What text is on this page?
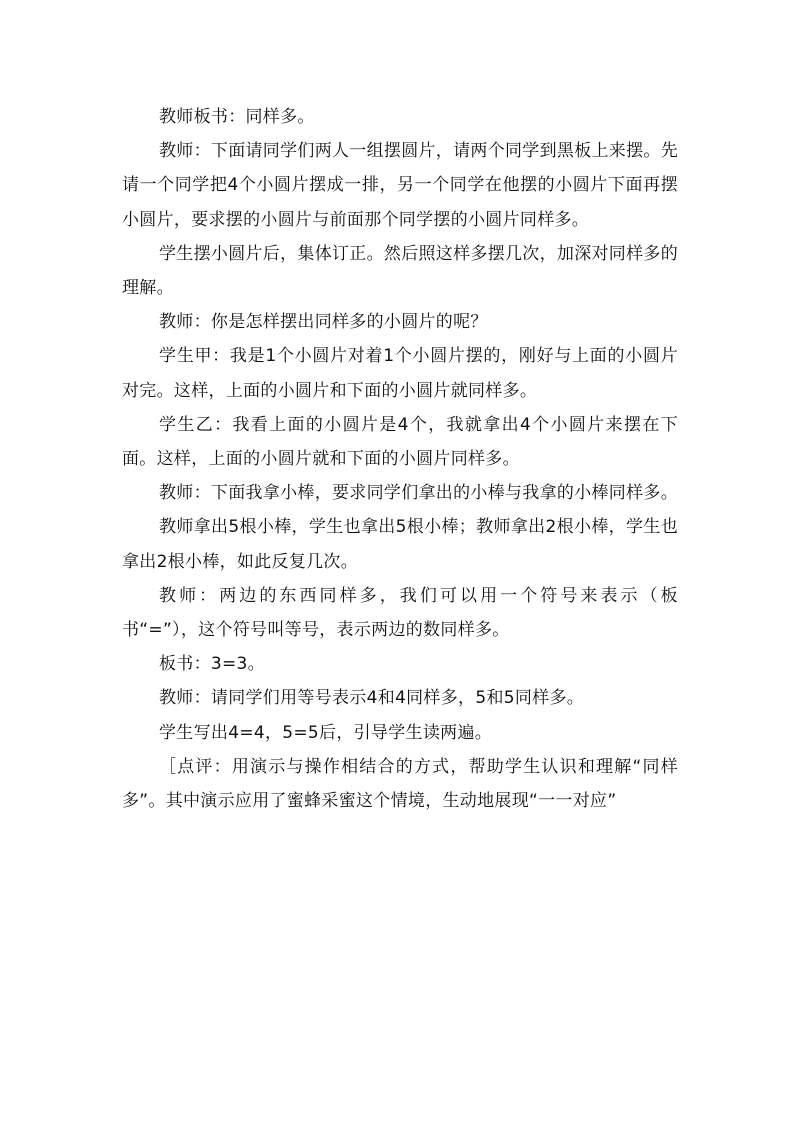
教师板书：同样多。

教师：下面请同学们两人一组摆圆片，请两个同学到黑板上来摆。先请一个同学把4个小圆片摆成一排，另一个同学在他摆的小圆片下面再摆小圆片，要求摆的小圆片与前面那个同学摆的小圆片同样多。

学生摆小圆片后，集体订正。然后照这样多摆几次，加深对同样多的理解。

教师：你是怎样摆出同样多的小圆片的呢？

学生甲：我是1个小圆片对着1个小圆片摆的，刚好与上面的小圆片对完。这样，上面的小圆片和下面的小圆片就同样多。

学生乙：我看上面的小圆片是4个，我就拿出4个小圆片来摆在下面。这样，上面的小圆片就和下面的小圆片同样多。

教师：下面我拿小棒，要求同学们拿出的小棒与我拿的小棒同样多。

教师拿出5根小棒，学生也拿出5根小棒；教师拿出2根小棒，学生也拿出2根小棒，如此反复几次。

教师：两边的东西同样多，我们可以用一个符号来表示（板书“=”），这个符号叫等号，表示两边的数同样多。

板书：3=3。

教师：请同学们用等号表示4和4同样多，5和5同样多。

学生写出4=4，5=5后，引导学生读两遍。

［点评：用演示与操作相结合的方式，帮助学生认识和理解“同样多”。其中演示应用了蜜蜂采蜜这个情境，生动地展现“一一对应”
